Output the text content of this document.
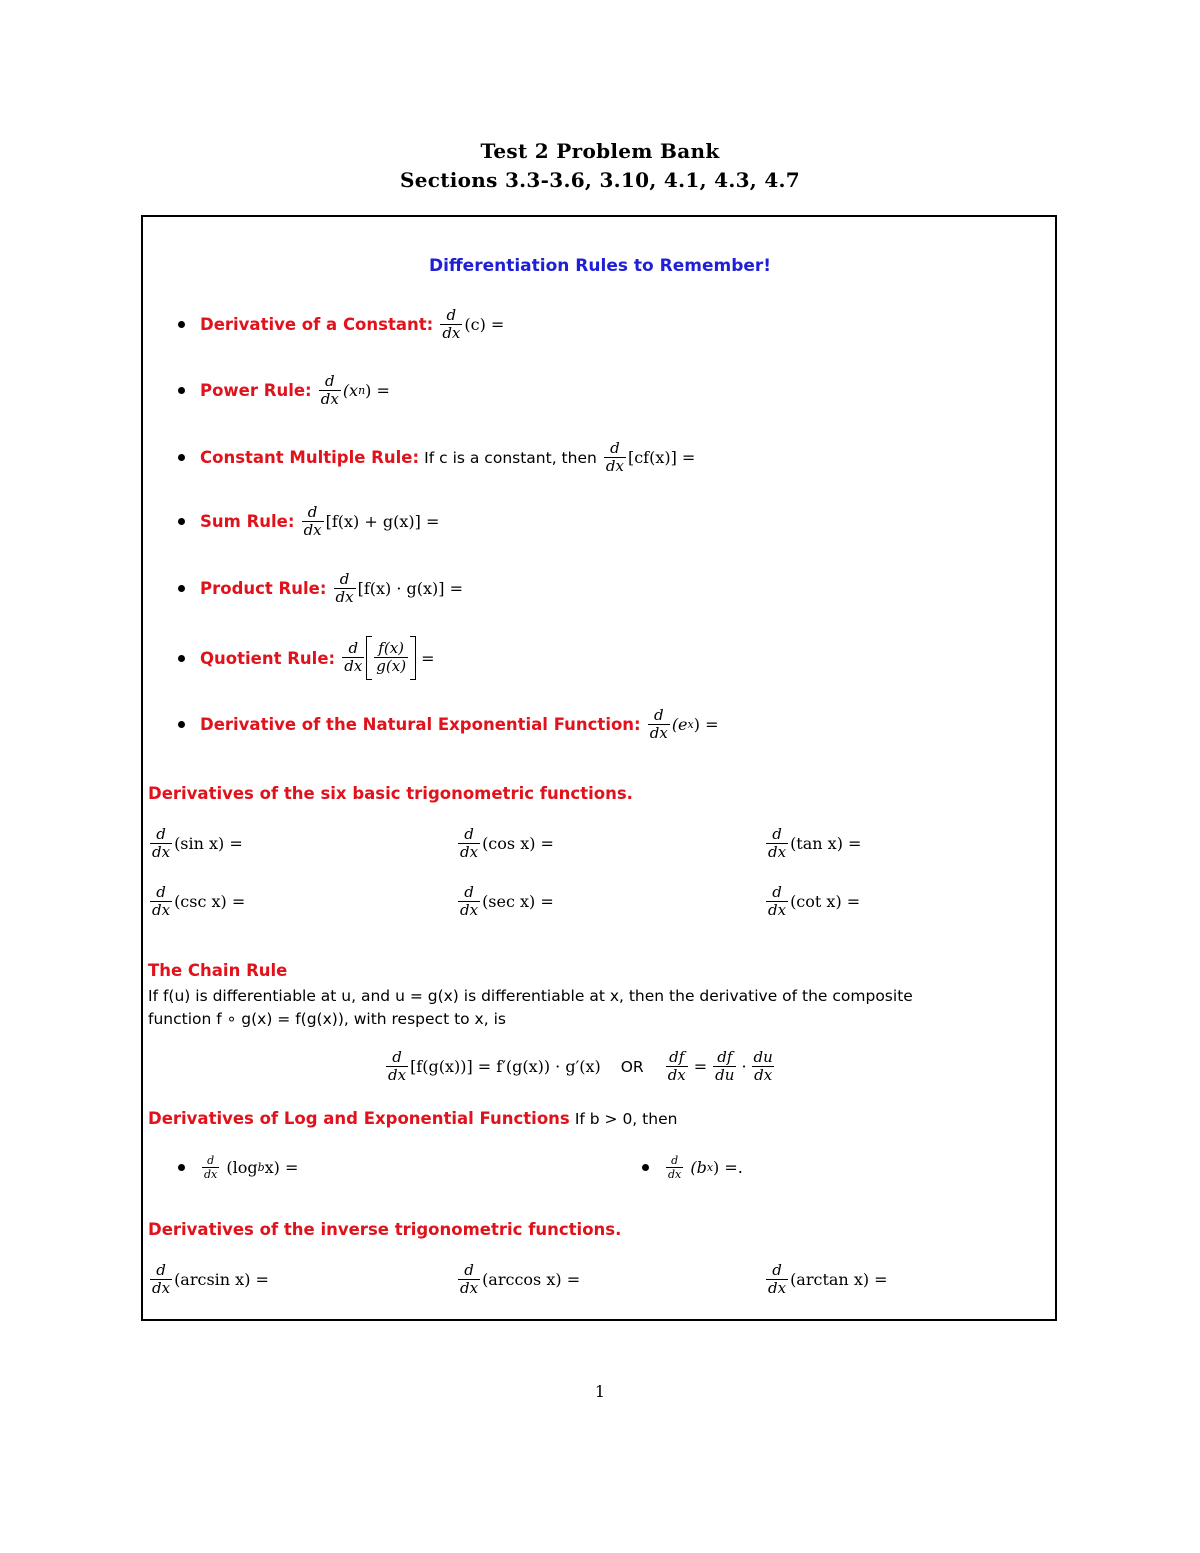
Test 2 Problem Bank
Sections 3.3-3.6, 3.10, 4.1, 4.3, 4.7
Differentiation Rules to Remember!
Derivative of a Constant:
$\frac{d}{dx} (c)$ =
Power Rule:
$\frac{d}{dx} (x$ n ) =
Constant Multiple Rule:
If c is a constant, then
$\frac{d}{dx} [cf(x)]$ =
Sum Rule:
$\frac{d}{dx} [f(x) + g(x)]$ =
Product Rule:
$\frac{d}{dx} [f(x) \cdot g(x)]$ =
Quotient Rule:
$\frac{d}{dx} \frac{f(x)}{g(x)}$
=
Derivative of the Natural Exponential Function:
$\frac{d}{dx} (e$ x ) =
Derivatives of the six basic trigonometric functions.
$\frac{d}{dx} (\sin$ x) =	$\frac{d}{dx} (\cos$ x) =	$\frac{d}{dx} (\tan$ x) =
$\frac{d}{dx} (\csc$ x) =	$\frac{d}{dx} (\sec$ x) =	$\frac{d}{dx} (\cot$ x) =
The Chain Rule
If f(u) is differentiable at u, and u = g(x) is differentiable at x, then the derivative of the composite
function f ∘ g(x) = f(g(x)), with respect to x, is
$\frac{d}{dx} [f(g(x))] = f'(g(x)) \cdot g'(x)$ OR $\frac{df}{dx} = \frac{df}{du} \cdot \frac{du}{dx}$
Derivatives of Log and Exponential Functions
If b > 0, then
$\frac{d}{dx}$
(log b x) =	$\frac{d}{dx}$
(b x ) =.
Derivatives of the inverse trigonometric functions.
$\frac{d}{dx} (\arcsin$ x) =	$\frac{d}{dx} (\arccos$ x) =	$\frac{d}{dx} (\arctan$ x) =
1
